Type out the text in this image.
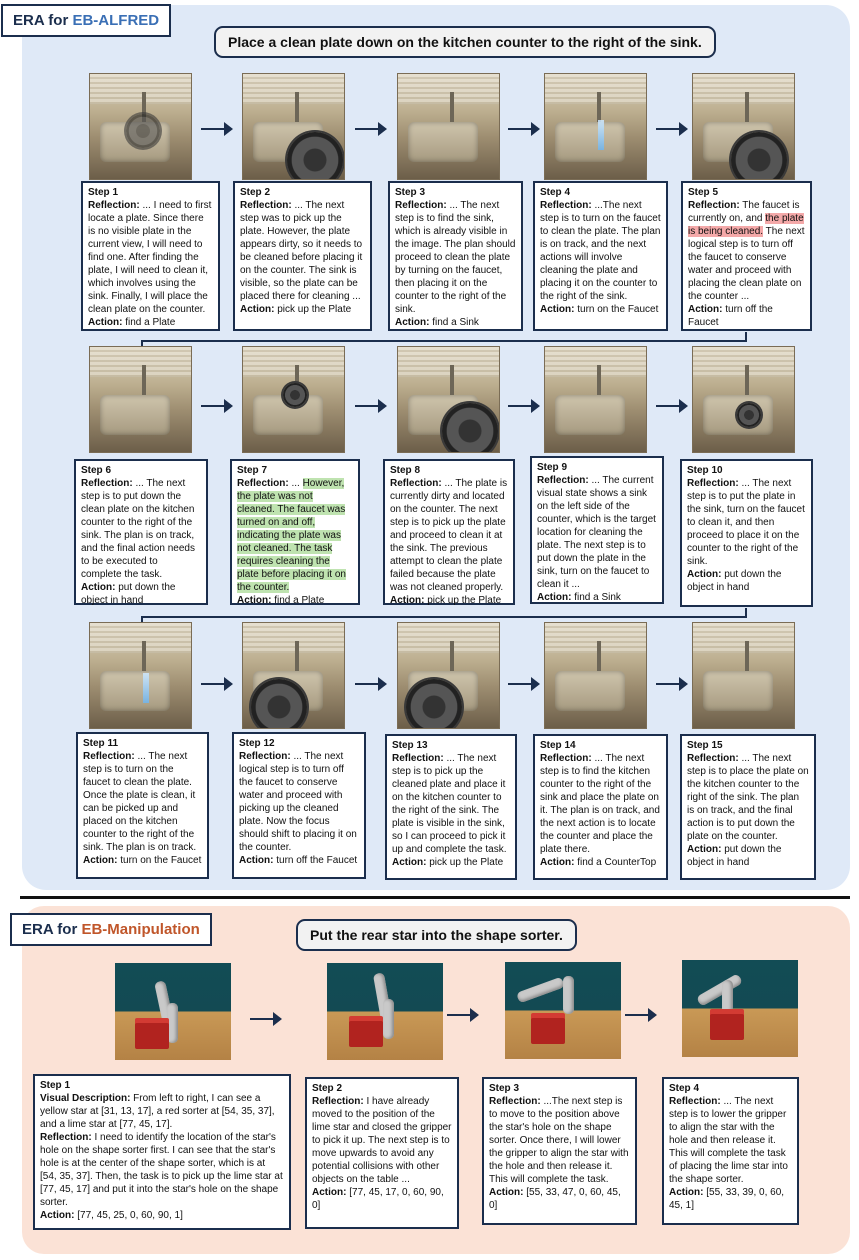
ERA for EB-ALFRED
Place a clean plate down on the kitchen counter to the right of the sink.
Step 1
Reflection: ... I need to first locate a plate. Since there is no visible plate in the current view, I will need to find one. After finding the plate, I will need to clean it, which involves using the sink. Finally, I will place the clean plate on the counter.
Action: find a Plate
Step 2
Reflection: ... The next step was to pick up the plate. However, the plate appears dirty, so it needs to be cleaned before placing it on the counter. The sink is visible, so the plate can be placed there for cleaning ...
Action: pick up the Plate
Step 3
Reflection: ... The next step is to find the sink, which is already visible in the image. The plan should proceed to clean the plate by turning on the faucet, then placing it on the counter to the right of the sink.
Action: find a Sink
Step 4
Reflection: ...The next step is to turn on the faucet to clean the plate. The plan is on track, and the next actions will involve cleaning the plate and placing it on the counter to the right of the sink.
Action: turn on the Faucet
Step 5
Reflection: The faucet is currently on, and the plate is being cleaned. The next logical step is to turn off the faucet to conserve water and proceed with placing the clean plate on the counter ...
Action: turn off the Faucet
Step 6
Reflection: ... The next step is to put down the clean plate on the kitchen counter to the right of the sink. The plan is on track, and the final action needs to be executed to complete the task.
Action: put down the object in hand
Step 7
Reflection: ... However, the plate was not cleaned. The faucet was turned on and off, indicating the plate was not cleaned. The task requires cleaning the plate before placing it on the counter.
Action: find a Plate
Step 8
Reflection: ... The plate is currently dirty and located on the counter. The next step is to pick up the plate and proceed to clean it at the sink. The previous attempt to clean the plate failed because the plate was not cleaned properly.
Action: pick up the Plate
Step 9
Reflection: ... The current visual state shows a sink on the left side of the counter, which is the target location for cleaning the plate. The next step is to put down the plate in the sink, turn on the faucet to clean it ...
Action: find a Sink
Step 10
Reflection: ... The next step is to put the plate in the sink, turn on the faucet to clean it, and then proceed to place it on the counter to the right of the sink.
Action: put down the object in hand
Step 11
Reflection: ... The next step is to turn on the faucet to clean the plate. Once the plate is clean, it can be picked up and placed on the kitchen counter to the right of the sink. The plan is on track.
Action: turn on the Faucet
Step 12
Reflection: ... The next logical step is to turn off the faucet to conserve water and proceed with picking up the cleaned plate. Now the focus should shift to placing it on the counter.
Action: turn off the Faucet
Step 13
Reflection: ... The next step is to pick up the cleaned plate and place it on the kitchen counter to the right of the sink. The plate is visible in the sink, so I can proceed to pick it up and complete the task.
Action: pick up the Plate
Step 14
Reflection: ... The next step is to find the kitchen counter to the right of the sink and place the plate on it. The plan is on track, and the next action is to locate the counter and place the plate there.
Action: find a CounterTop
Step 15
Reflection: ... The next step is to place the plate on the kitchen counter to the right of the sink. The plan is on track, and the final action is to put down the plate on the counter.
Action: put down the object in hand
ERA for EB-Manipulation	Put the rear star into the shape sorter.
Step 1
Visual Description: From left to right, I can see a yellow star at [31, 13, 17], a red sorter at [54, 35, 37], and a lime star at [77, 45, 17].
Reflection: I need to identify the location of the star's hole on the shape sorter first. I can see that the star's hole is at the center of the shape sorter, which is at [54, 35, 37]. Then, the task is to pick up the lime star at [77, 45, 17] and put it into the star's hole on the shape sorter.
Action: [77, 45, 25, 0, 60, 90, 1]
Step 2
Reflection: I have already moved to the position of the lime star and closed the gripper to pick it up. The next step is to move upwards to avoid any potential collisions with other objects on the table ...
Action: [77, 45, 17, 0, 60, 90, 0]
Step 3
Reflection: ...The next step is to move to the position above the star's hole on the shape sorter. Once there, I will lower the gripper to align the star with the hole and then release it. This will complete the task.
Action: [55, 33, 47, 0, 60, 45, 0]
Step 4
Reflection: ... The next step is to lower the gripper to align the star with the hole and then release it. This will complete the task of placing the lime star into the shape sorter.
Action: [55, 33, 39, 0, 60, 45, 1]
